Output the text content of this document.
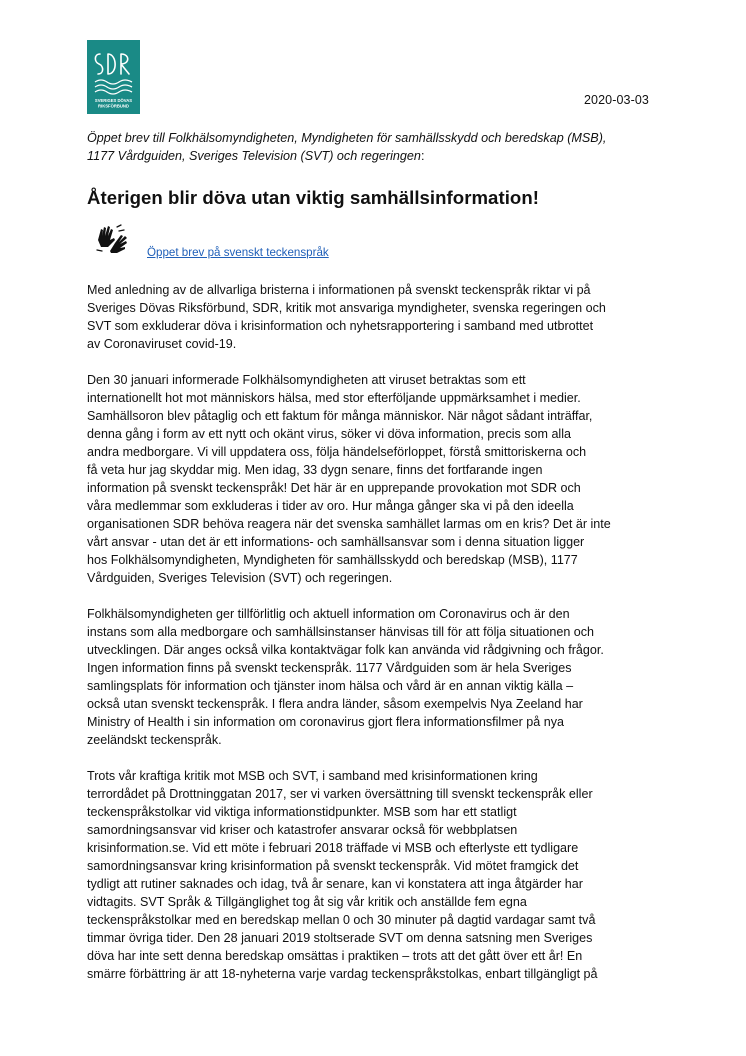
SVERIGES DÖVAS
RIKSFÖRBUND	2020-03-03
Öppet brev till Folkhälsomyndigheten, Myndigheten för samhällsskydd och beredskap (MSB),
1177 Vårdguiden, Sveriges Television (SVT) och regeringen:
Återigen blir döva utan viktig samhällsinformation!
Öppet brev på svenskt teckenspråk

Med anledning av de allvarliga bristerna i informationen på svenskt teckenspråk riktar vi på
Sveriges Dövas Riksförbund, SDR, kritik mot ansvariga myndigheter, svenska regeringen och
SVT som exkluderar döva i krisinformation och nyhetsrapportering i samband med utbrottet
av Coronaviruset covid-19.

Den 30 januari informerade Folkhälsomyndigheten att viruset betraktas som ett
internationellt hot mot människors hälsa, med stor efterföljande uppmärksamhet i medier.
Samhällsoron blev påtaglig och ett faktum för många människor. När något sådant inträffar,
denna gång i form av ett nytt och okänt virus, söker vi döva information, precis som alla
andra medborgare. Vi vill uppdatera oss, följa händelseförloppet, förstå smittoriskerna och
få veta hur jag skyddar mig. Men idag, 33 dygn senare, finns det fortfarande ingen
information på svenskt teckenspråk! Det här är en upprepande provokation mot SDR och
våra medlemmar som exkluderas i tider av oro. Hur många gånger ska vi på den ideella
organisationen SDR behöva reagera när det svenska samhället larmas om en kris? Det är inte
vårt ansvar - utan det är ett informations- och samhällsansvar som i denna situation ligger
hos Folkhälsomyndigheten, Myndigheten för samhällsskydd och beredskap (MSB), 1177
Vårdguiden, Sveriges Television (SVT) och regeringen.

Folkhälsomyndigheten ger tillförlitlig och aktuell information om Coronavirus och är den
instans som alla medborgare och samhällsinstanser hänvisas till för att följa situationen och
utvecklingen. Där anges också vilka kontaktvägar folk kan använda vid rådgivning och frågor.
Ingen information finns på svenskt teckenspråk. 1177 Vårdguiden som är hela Sveriges
samlingsplats för information och tjänster inom hälsa och vård är en annan viktig källa –
också utan svenskt teckenspråk. I flera andra länder, såsom exempelvis Nya Zeeland har
Ministry of Health i sin information om coronavirus gjort flera informationsfilmer på nya
zeeländskt teckenspråk.

Trots vår kraftiga kritik mot MSB och SVT, i samband med krisinformationen kring
terrordådet på Drottninggatan 2017, ser vi varken översättning till svenskt teckenspråk eller
teckenspråkstolkar vid viktiga informationstidpunkter. MSB som har ett statligt
samordningsansvar vid kriser och katastrofer ansvarar också för webbplatsen
krisinformation.se. Vid ett möte i februari 2018 träffade vi MSB och efterlyste ett tydligare
samordningsansvar kring krisinformation på svenskt teckenspråk. Vid mötet framgick det
tydligt att rutiner saknades och idag, två år senare, kan vi konstatera att inga åtgärder har
vidtagits. SVT Språk & Tillgänglighet tog åt sig vår kritik och anställde fem egna
teckenspråkstolkar med en beredskap mellan 0 och 30 minuter på dagtid vardagar samt två
timmar övriga tider. Den 28 januari 2019 stoltserade SVT om denna satsning men Sveriges
döva har inte sett denna beredskap omsättas i praktiken – trots att det gått över ett år! En
smärre förbättring är att 18-nyheterna varje vardag teckenspråkstolkas, enbart tillgängligt på
